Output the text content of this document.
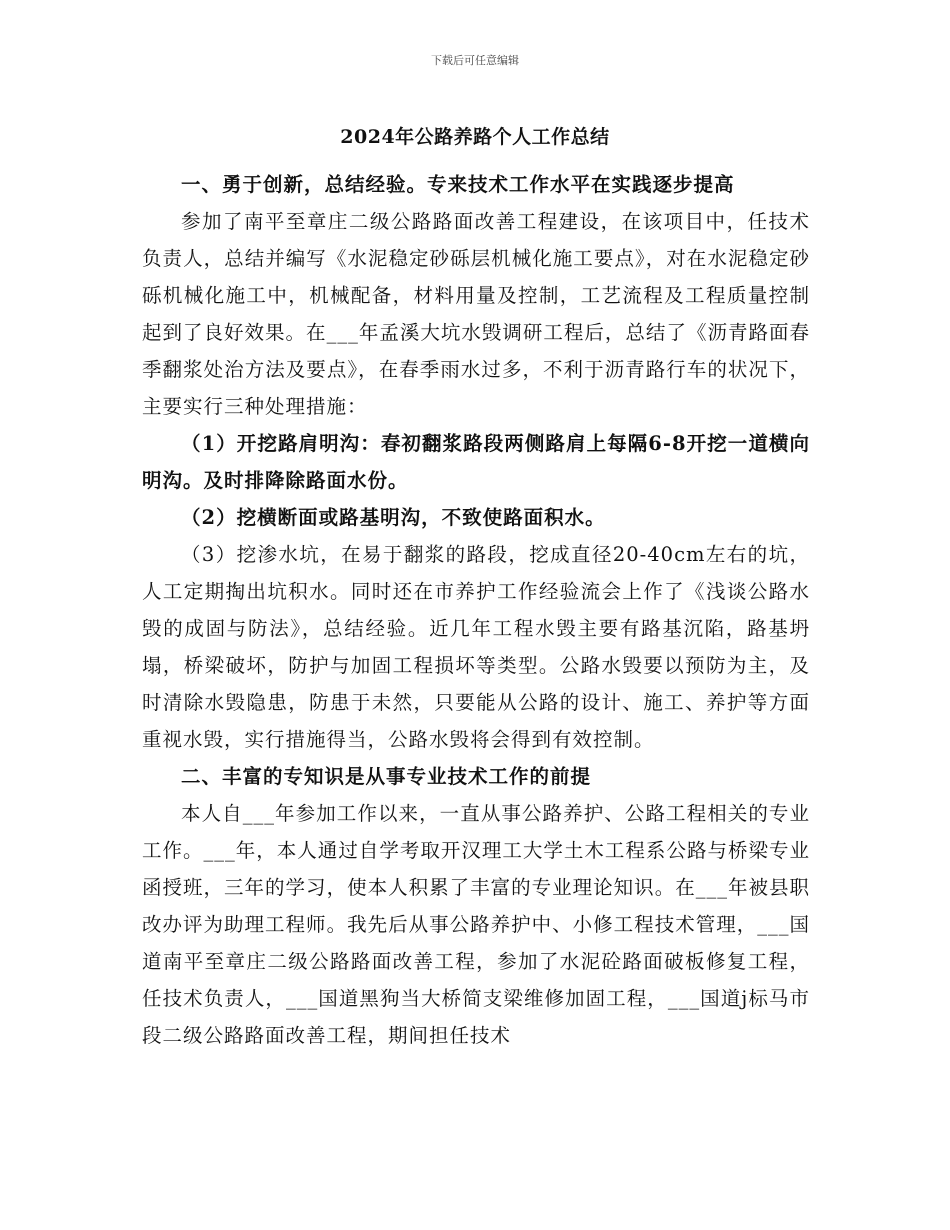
下载后可任意编辑
2024年公路养路个人工作总结

一、勇于创新，总结经验。专来技术工作水平在实践逐步提高

参加了南平至章庄二级公路路面改善工程建设，在该项目中，任技术负责人，总结并编写《水泥稳定砂砾层机械化施工要点》，对在水泥稳定砂砾机械化施工中，机械配备，材料用量及控制，工艺流程及工程质量控制起到了良好效果。在___年孟溪大坑水毁调研工程后，总结了《沥青路面春季翻浆处治方法及要点》，在春季雨水过多，不利于沥青路行车的状况下，主要实行三种处理措施：

（1）开挖路肩明沟：春初翻浆路段两侧路肩上每隔6-8开挖一道横向明沟。及时排降除路面水份。

（2）挖横断面或路基明沟，不致使路面积水。

（3）挖渗水坑，在易于翻浆的路段，挖成直径20-40cm左右的坑，人工定期掏出坑积水。同时还在市养护工作经验流会上作了《浅谈公路水毁的成固与防法》，总结经验。近几年工程水毁主要有路基沉陷，路基坍塌，桥梁破坏，防护与加固工程损坏等类型。公路水毁要以预防为主，及时清除水毁隐患，防患于未然，只要能从公路的设计、施工、养护等方面重视水毁，实行措施得当，公路水毁将会得到有效控制。

二、丰富的专知识是从事专业技术工作的前提

本人自___年参加工作以来，一直从事公路养护、公路工程相关的专业工作。___年，本人通过自学考取开汉理工大学土木工程系公路与桥梁专业函授班，三年的学习，使本人积累了丰富的专业理论知识。在___年被县职改办评为助理工程师。我先后从事公路养护中、小修工程技术管理，___国道南平至章庄二级公路路面改善工程，参加了水泥砼路面破板修复工程，任技术负责人，___国道黑狗当大桥简支梁维修加固工程，___国道j标马市段二级公路路面改善工程，期间担任技术
